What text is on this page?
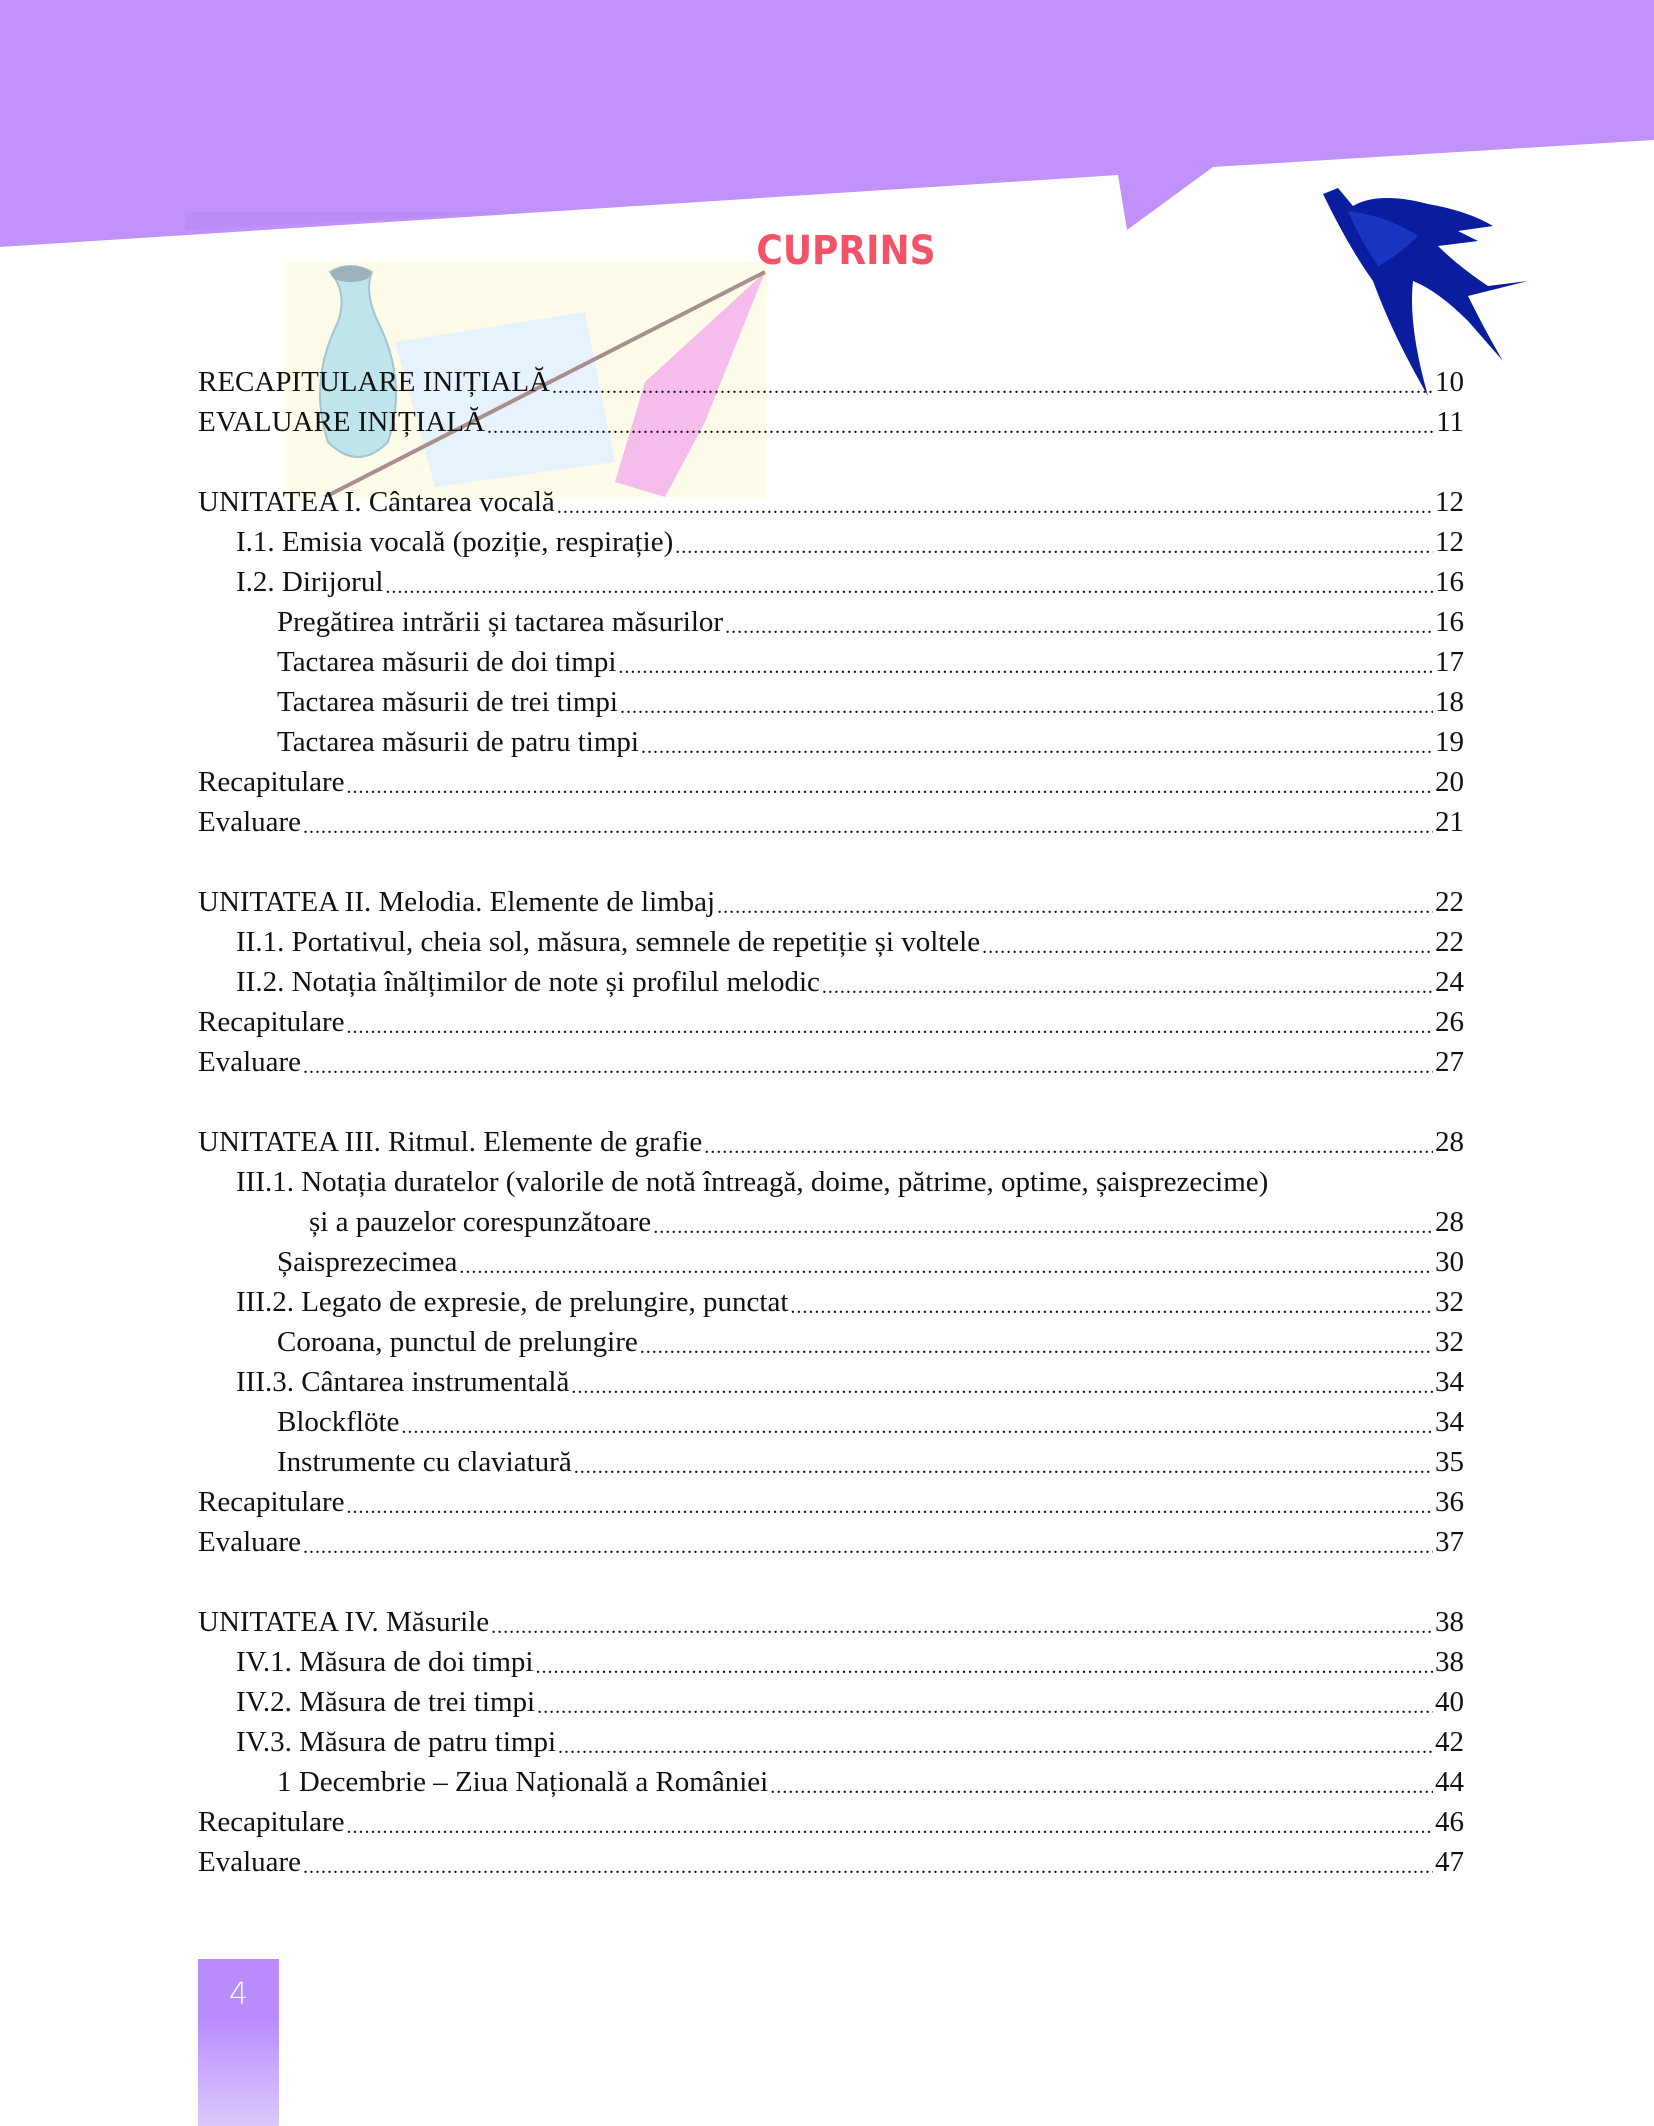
CUPRINS
RECAPITULARE INIȚIALĂ .....	10
EVALUARE INIȚIALĂ .....	11
UNITATEA I. Cântarea vocală .....	12
I.1. Emisia vocală (poziție, respirație) .....	12
I.2. Dirijorul .....	16
Pregătirea intrării și tactarea măsurilor .....	16
Tactarea măsurii de doi timpi .....	17
Tactarea măsurii de trei timpi .....	18
Tactarea măsurii de patru timpi .....	19
Recapitulare .....	20
Evaluare .....	21
UNITATEA II. Melodia. Elemente de limbaj .....	22
II.1. Portativul, cheia sol, măsura, semnele de repetiție și voltele .....	22
II.2. Notația înălțimilor de note și profilul melodic .....	24
Recapitulare .....	26
Evaluare .....	27
UNITATEA III. Ritmul. Elemente de grafie .....	28
III.1. Notația duratelor (valorile de notă întreagă, doime, pătrime, optime, șaisprezecime)
și a pauzelor corespunzătoare .....	28
Șaisprezecimea .....	30
III.2. Legato de expresie, de prelungire, punctat .....	32
Coroana, punctul de prelungire .....	32
III.3. Cântarea instrumentală .....	34
Blockflöte .....	34
Instrumente cu claviatură .....	35
Recapitulare .....	36
Evaluare .....	37
UNITATEA IV. Măsurile .....	38
IV.1. Măsura de doi timpi .....	38
IV.2. Măsura de trei timpi .....	40
IV.3. Măsura de patru timpi .....	42
1 Decembrie – Ziua Națională a României .....	44
Recapitulare .....	46
Evaluare .....	47
4
